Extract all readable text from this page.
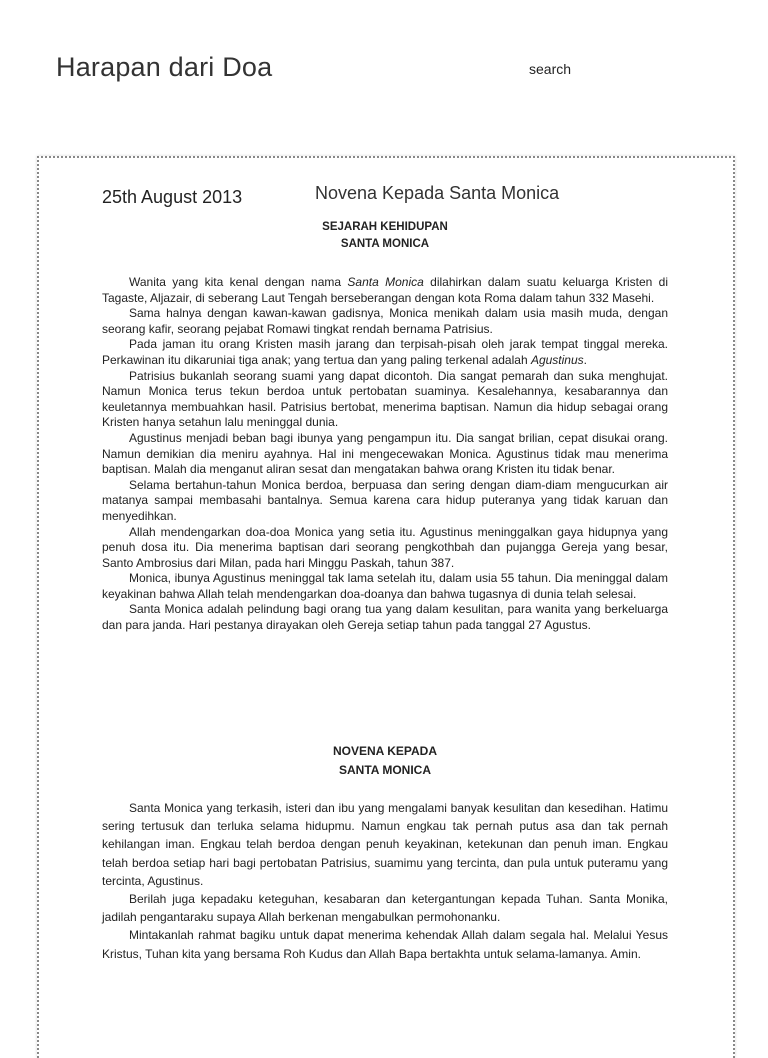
Harapan dari Doa	search
25th August 2013	Novena Kepada Santa Monica
SEJARAH KEHIDUPAN
SANTA MONICA

Wanita yang kita kenal dengan nama Santa Monica dilahirkan dalam suatu keluarga Kristen di Tagaste, Aljazair, di seberang Laut Tengah berseberangan dengan kota Roma dalam tahun 332 Masehi.

Sama halnya dengan kawan-kawan gadisnya, Monica menikah dalam usia masih muda, dengan seorang kafir, seorang pejabat Romawi tingkat rendah bernama Patrisius.

Pada jaman itu orang Kristen masih jarang dan terpisah-pisah oleh jarak tempat tinggal mereka. Perkawinan itu dikaruniai tiga anak; yang tertua dan yang paling terkenal adalah Agustinus.

Patrisius bukanlah seorang suami yang dapat dicontoh. Dia sangat pemarah dan suka menghujat. Namun Monica terus tekun berdoa untuk pertobatan suaminya. Kesalehannya, kesabarannya dan keuletannya membuahkan hasil. Patrisius bertobat, menerima baptisan. Namun dia hidup sebagai orang Kristen hanya setahun lalu meninggal dunia.

Agustinus menjadi beban bagi ibunya yang pengampun itu. Dia sangat brilian, cepat disukai orang. Namun demikian dia meniru ayahnya. Hal ini mengecewakan Monica. Agustinus tidak mau menerima baptisan. Malah dia menganut aliran sesat dan mengatakan bahwa orang Kristen itu tidak benar.

Selama bertahun-tahun Monica berdoa, berpuasa dan sering dengan diam-diam mengucurkan air matanya sampai membasahi bantalnya. Semua karena cara hidup puteranya yang tidak karuan dan menyedihkan.

Allah mendengarkan doa-doa Monica yang setia itu. Agustinus meninggalkan gaya hidupnya yang penuh dosa itu. Dia menerima baptisan dari seorang pengkothbah dan pujangga Gereja yang besar, Santo Ambrosius dari Milan, pada hari Minggu Paskah, tahun 387.

Monica, ibunya Agustinus meninggal tak lama setelah itu, dalam usia 55 tahun. Dia meninggal dalam keyakinan bahwa Allah telah mendengarkan doa-doanya dan bahwa tugasnya di dunia telah selesai.

Santa Monica adalah pelindung bagi orang tua yang dalam kesulitan, para wanita yang berkeluarga dan para janda. Hari pestanya dirayakan oleh Gereja setiap tahun pada tanggal 27 Agustus.

NOVENA KEPADA
SANTA MONICA

Santa Monica yang terkasih, isteri dan ibu yang mengalami banyak kesulitan dan kesedihan. Hatimu sering tertusuk dan terluka selama hidupmu. Namun engkau tak pernah putus asa dan tak pernah kehilangan iman. Engkau telah berdoa dengan penuh keyakinan, ketekunan dan penuh iman. Engkau telah berdoa setiap hari bagi pertobatan Patrisius, suamimu yang tercinta, dan pula untuk puteramu yang tercinta, Agustinus.

Berilah juga kepadaku keteguhan, kesabaran dan ketergantungan kepada Tuhan. Santa Monika, jadilah pengantaraku supaya Allah berkenan mengabulkan permohonanku.

Mintakanlah rahmat bagiku untuk dapat menerima kehendak Allah dalam segala hal. Melalui Yesus Kristus, Tuhan kita yang bersama Roh Kudus dan Allah Bapa bertakhta untuk selama-lamanya. Amin.
